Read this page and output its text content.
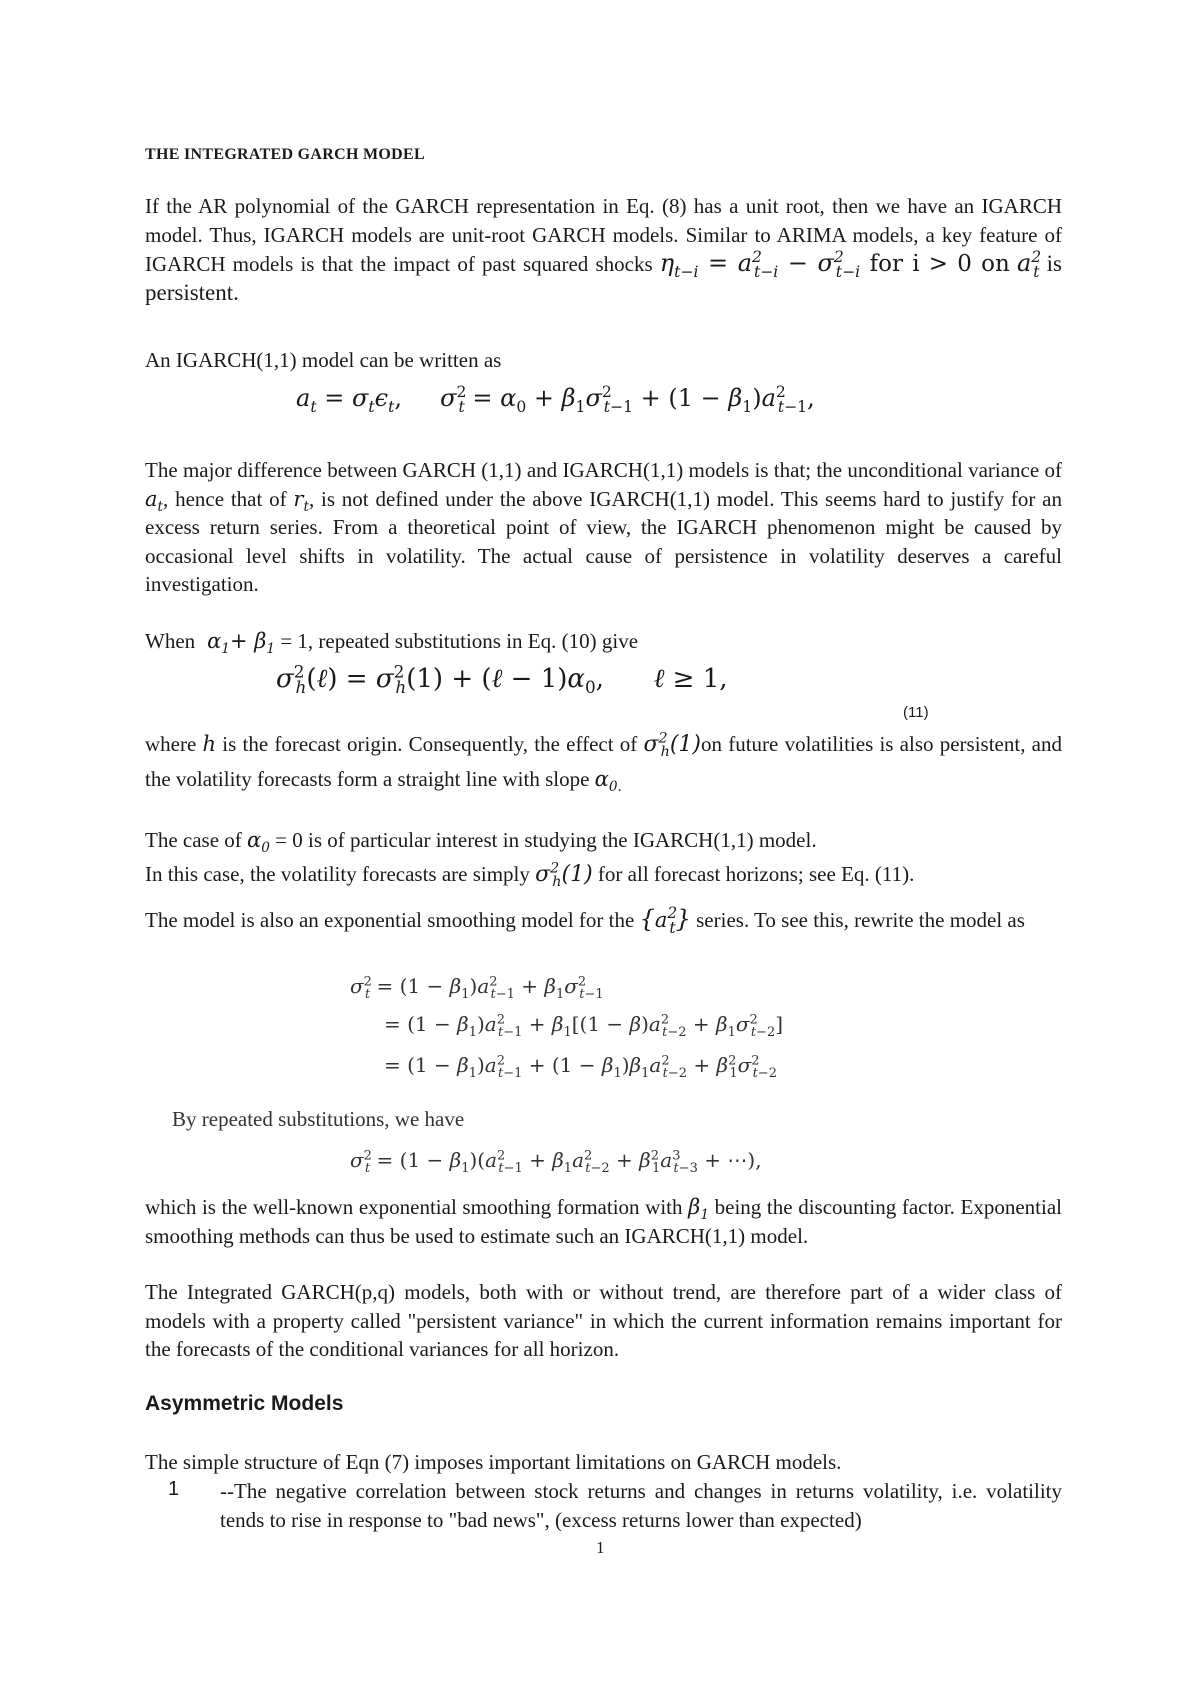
THE INTEGRATED GARCH MODEL
If the AR polynomial of the GARCH representation in Eq. (8) has a unit root, then we have an IGARCH model. Thus, IGARCH models are unit-root GARCH models. Similar to ARIMA models, a key feature of IGARCH models is that the impact of past squared shocks $\eta_{t-i} = a^2_{t-i} - \sigma^2_{t-i}$ for i > 0 on $a^2_t$ is persistent.
An IGARCH(1,1) model can be written as
$a_t = \sigma_t\epsilon_t$,     $\sigma^2_t = \alpha_0 + \beta_1\sigma^2_{t-1} + (1 - \beta_1)a^2_{t-1}$,
The major difference between GARCH (1,1) and IGARCH(1,1) models is that; the unconditional variance of $a_t$, hence that of $r_t$, is not defined under the above IGARCH(1,1) model. This seems hard to justify for an excess return series. From a theoretical point of view, the IGARCH phenomenon might be caused by occasional level shifts in volatility. The actual cause of persistence in volatility deserves a careful investigation.
When  $\alpha_1+ \beta_1 = 1$, repeated substitutions in Eq. (10) give
$\sigma^2_h(\ell) = \sigma^2_h(1)$ + (ℓ − $1)\alpha_0$,      ℓ ≥ 1,
(11)
where h is the forecast origin. Consequently, the effect of $\sigma^2_h(1)on$ future volatilities is also persistent, and the volatility forecasts form a straight line with slope $\alpha_{0.}$
The case of $\alpha_0 = 0$ is of particular interest in studying the IGARCH(1,1) model.
In this case, the volatility forecasts are simply $\sigma^2_h(1)$ for all forecast horizons; see Eq. (11).
The model is also an exponential smoothing model for the $\{a^2_t\}$ series. To see this, rewrite the model as
$\sigma^2_t = (1 - \beta_1)a^2_{t-1} + \beta_1\sigma^2_{t-1}$
= $(1 - \beta_1)a^2_{t-1} + \beta_1[(1 - \beta)a^2_{t-2} + \beta_1\sigma^2_{t-2}]$
= $(1 - \beta_1)a^2_{t-1} + (1 - \beta_1)\beta_1a^2_{t-2} + \beta^2_1\sigma^2_{t-2}$
By repeated substitutions, we have
$\sigma^2_t = (1 - \beta_1)(a^2_{t-1} + \beta_1a^2_{t-2} + \beta^2_1a^3_{t-3}$ + ⋯),
which is the well-known exponential smoothing formation with $\beta_1$ being the discounting factor. Exponential smoothing methods can thus be used to estimate such an IGARCH(1,1) model.
The Integrated GARCH(p,q) models, both with or without trend, are therefore part of a wider class of models with a property called "persistent variance" in which the current information remains important for the forecasts of the conditional variances for all horizon.
Asymmetric Models
The simple structure of Eqn (7) imposes important limitations on GARCH models.
1 --The negative correlation between stock returns and changes in returns volatility, i.e. volatility tends to rise in response to "bad news", (excess returns lower than expected)
1
